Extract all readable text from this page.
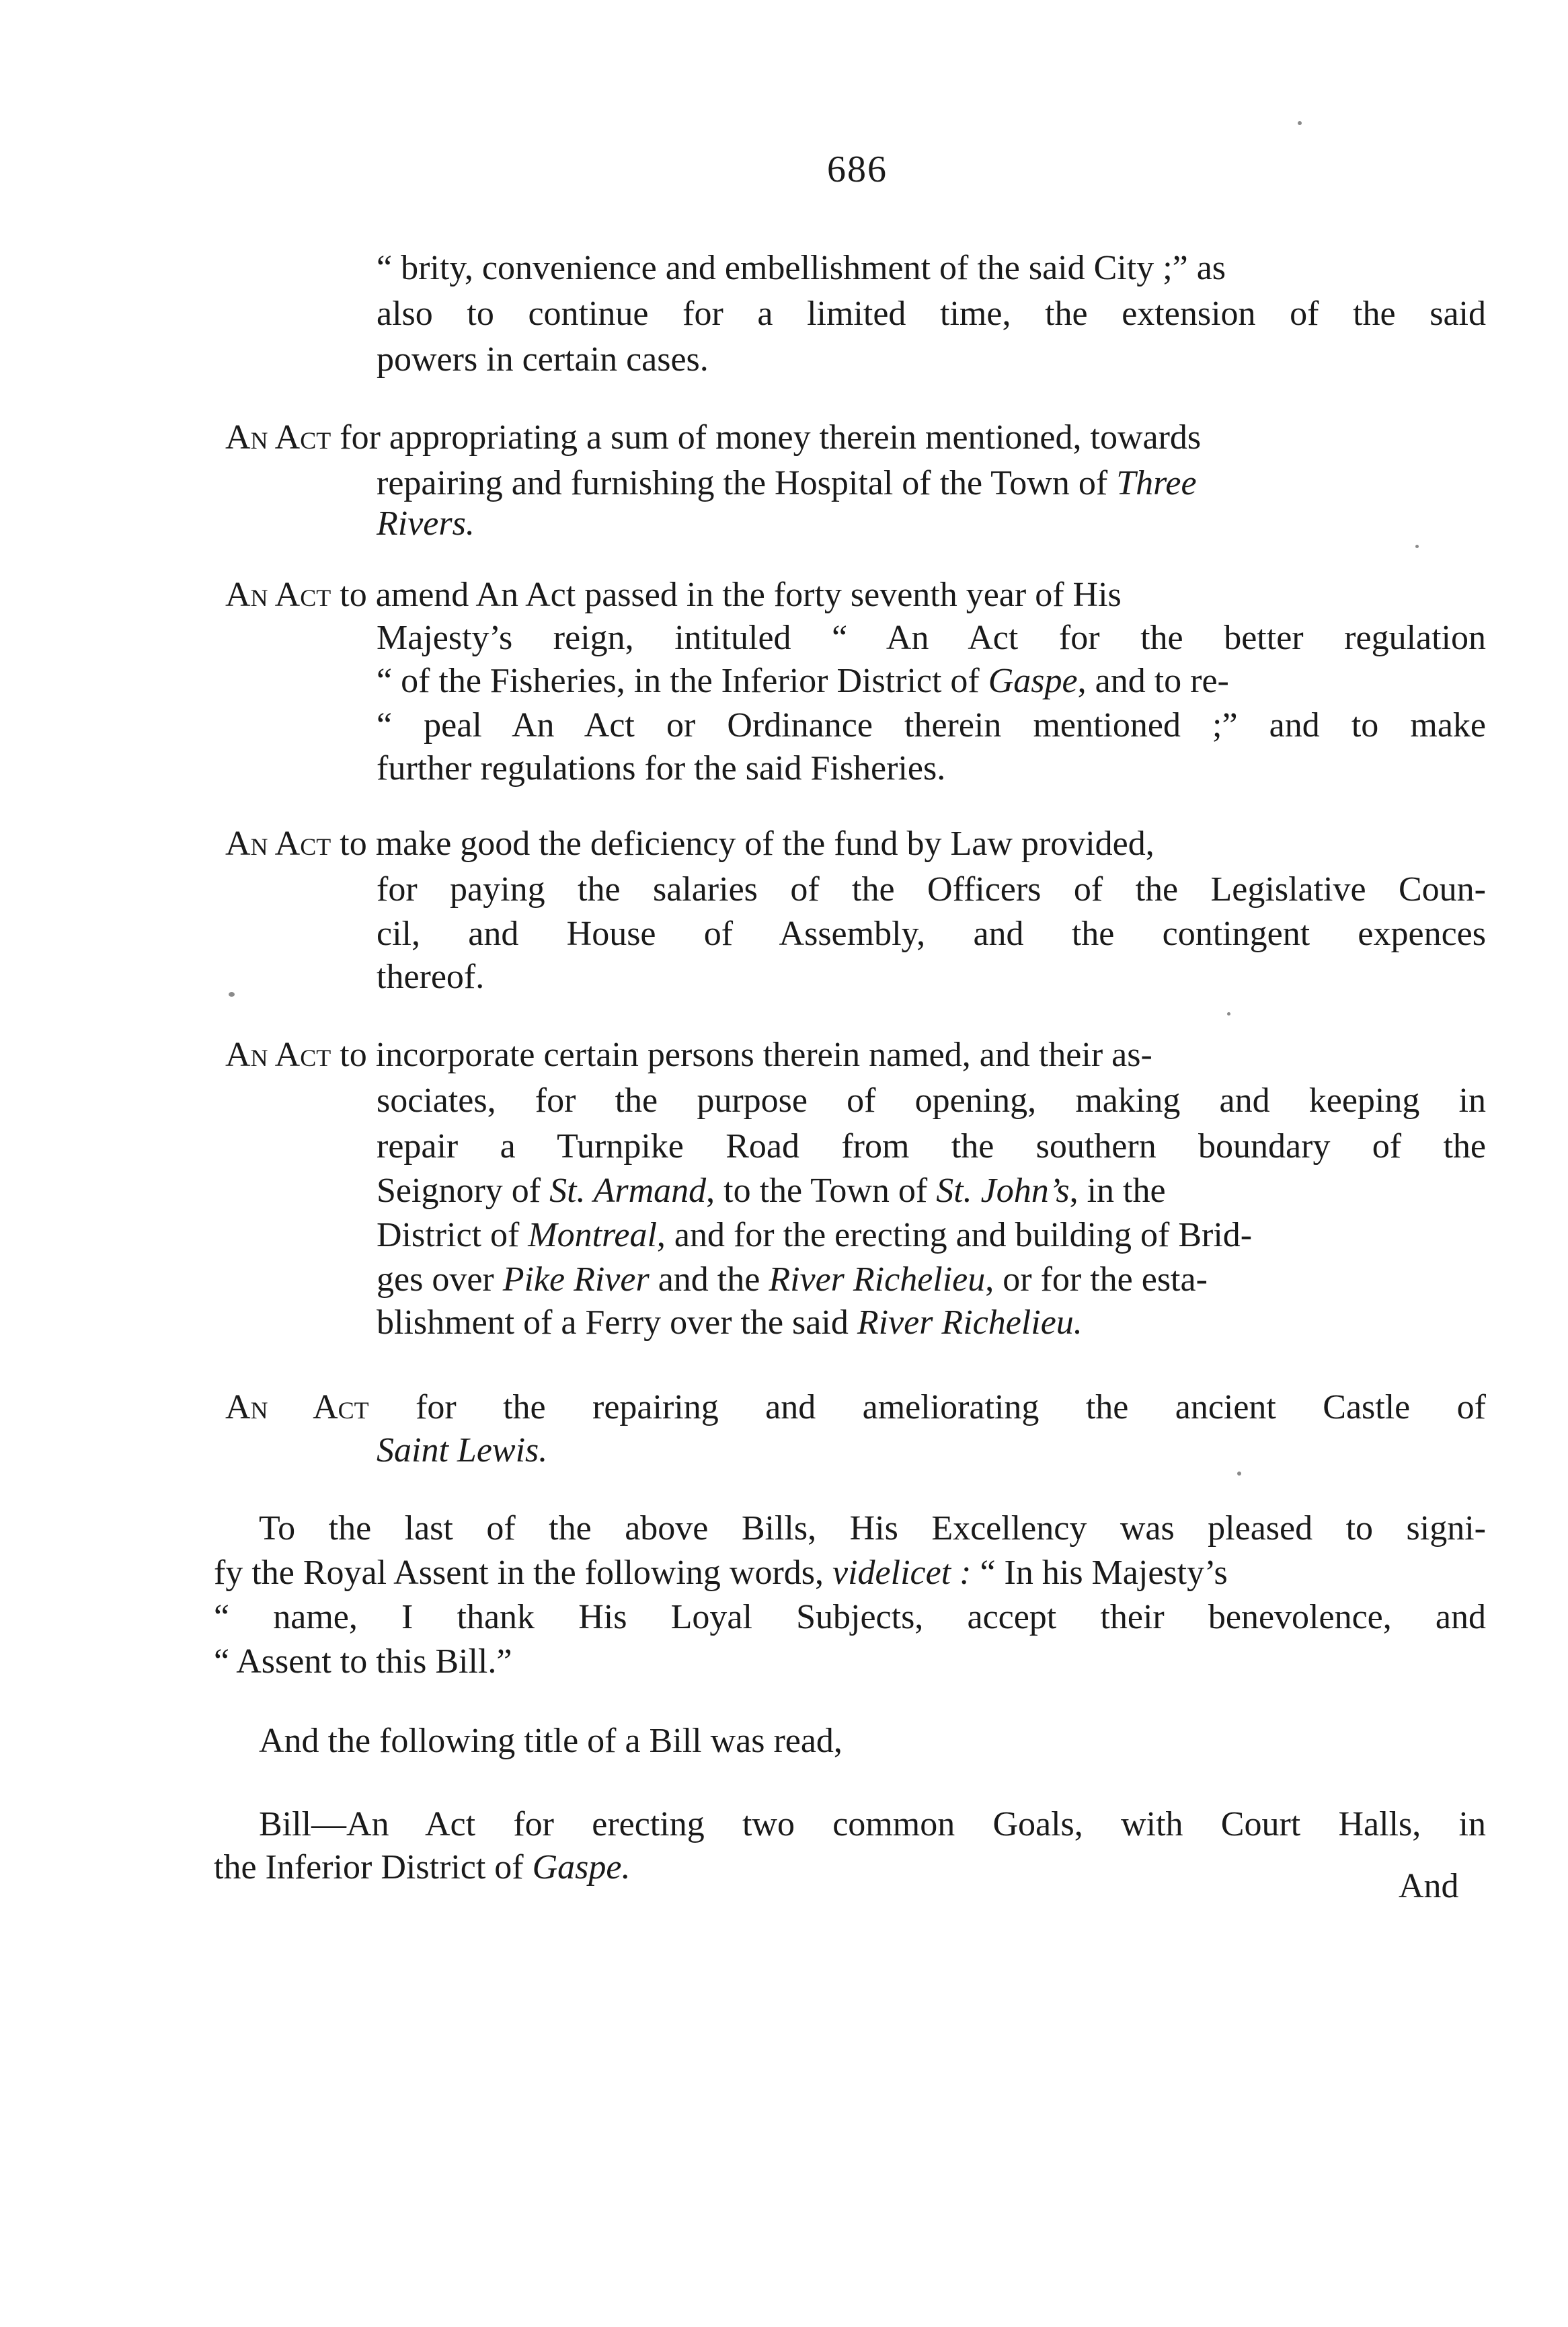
686
“ brity, convenience and embellishment of the said City ;” as
also to continue for a limited time, the extension of the said
powers in certain cases.
An Act for appropriating a sum of money therein mentioned, towards
repairing and furnishing the Hospital of the Town of Three
Rivers.
An Act to amend An Act passed in the forty seventh year of His
Majesty’s reign, intituled “ An Act for the better regulation
“ of the Fisheries, in the Inferior District of Gaspe, and to re-
“ peal An Act or Ordinance therein mentioned ;” and to make
further regulations for the said Fisheries.
An Act to make good the deficiency of the fund by Law provided,
for paying the salaries of the Officers of the Legislative Coun-
cil, and House of Assembly, and the contingent expences
thereof.
An Act to incorporate certain persons therein named, and their as-
sociates, for the purpose of opening, making and keeping in
repair a Turnpike Road from the southern boundary of the
Seignory of St. Armand, to the Town of St. John’s, in the
District of Montreal, and for the erecting and building of Brid-
ges over Pike River and the River Richelieu, or for the esta-
blishment of a Ferry over the said River Richelieu.
An Act for the repairing and ameliorating the ancient Castle of
Saint Lewis.
To the last of the above Bills, His Excellency was pleased to signi-
fy the Royal Assent in the following words, videlicet : “ In his Majesty’s
“ name, I thank His Loyal Subjects, accept their benevolence, and
“ Assent to this Bill.”
And the following title of a Bill was read,
Bill—An Act for erecting two common Goals, with Court Halls, in
the Inferior District of Gaspe.	And
